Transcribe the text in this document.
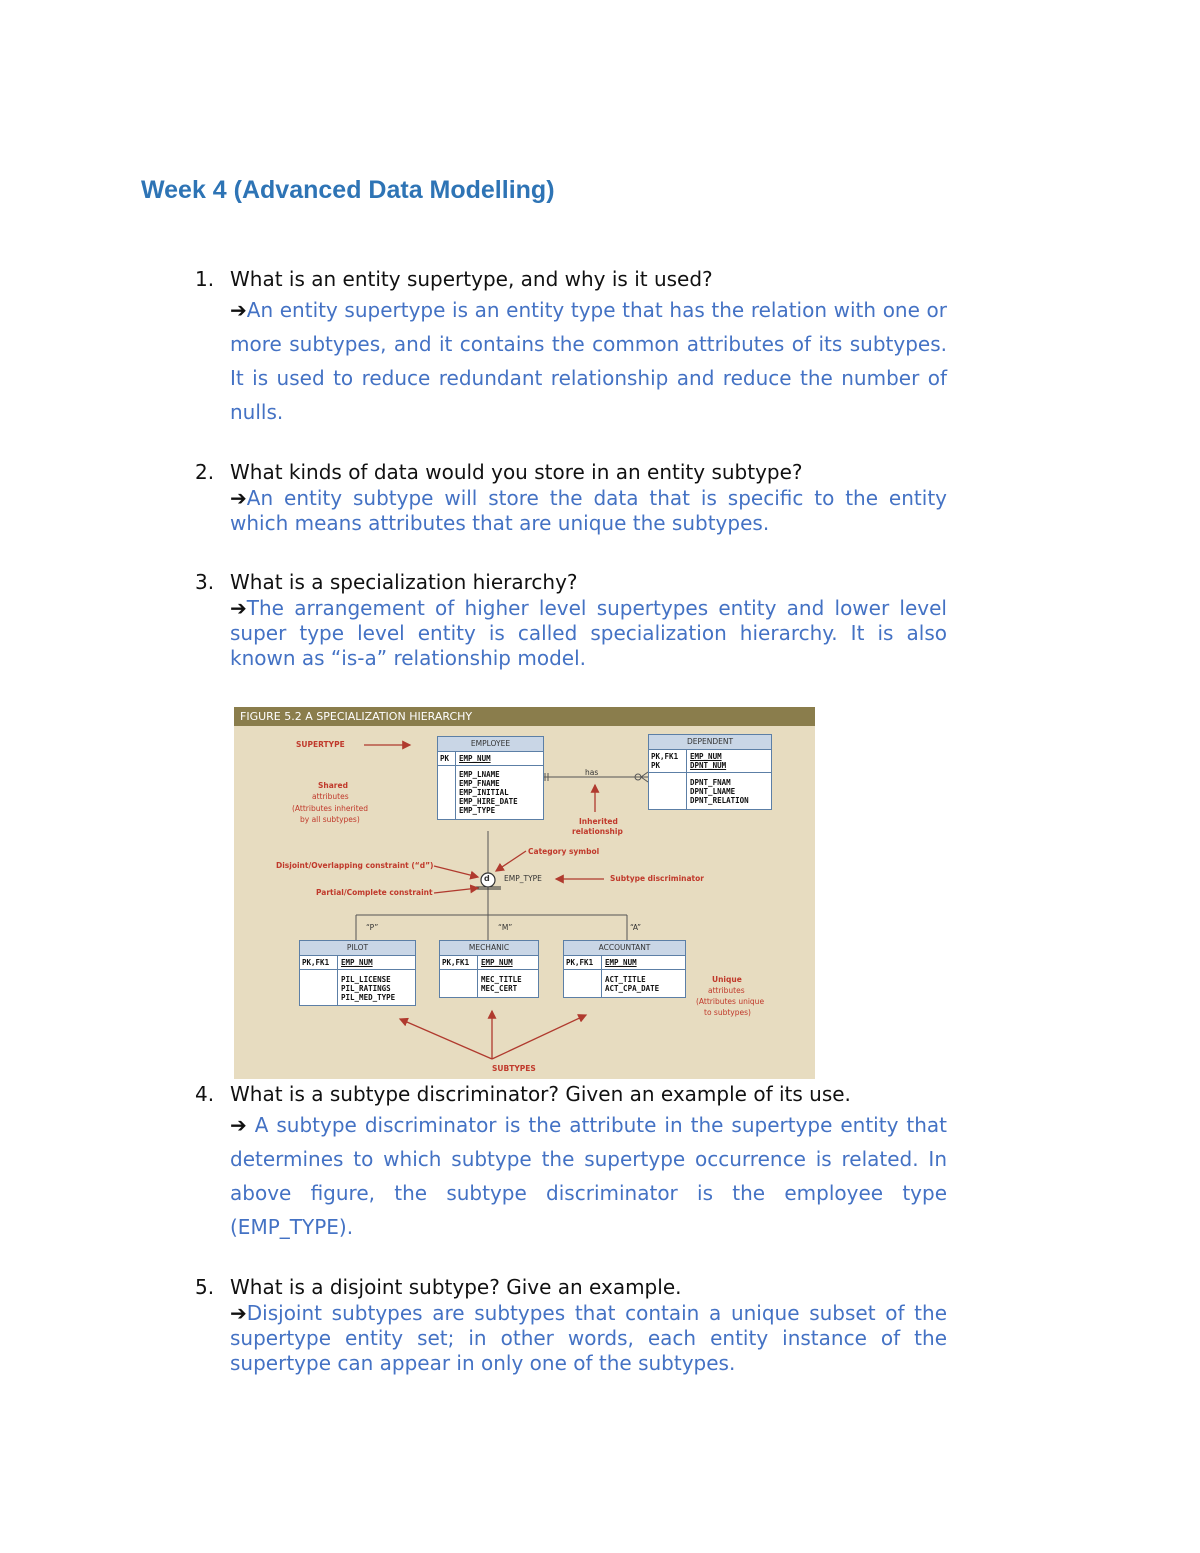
Week 4 (Advanced Data Modelling)
1. What is an entity supertype, and why is it used?
➔An entity supertype is an entity type that has the relation with one or more subtypes, and it contains the common attributes of its subtypes. It is used to reduce redundant relationship and reduce the number of nulls.
2. What kinds of data would you store in an entity subtype?
➔An entity subtype will store the data that is specific to the entity which means attributes that are unique the subtypes.
3. What is a specialization hierarchy?
➔The arrangement of higher level supertypes entity and lower level super type level entity is called specialization hierarchy. It is also known as “is-a” relationship model.
FIGURE 5.2 A SPECIALIZATION HIERARCHY
SUPERTYPE
Shared
attributes
(Attributes inherited
by all subtypes)
has
Inherited
relationship
Category symbol
Disjoint/Overlapping constraint (“d”)
Partial/Complete constraint
d EMP_TYPE	Subtype discriminator
“P”	“M”	“A”
Unique
attributes
(Attributes unique
to subtypes)
SUBTYPES
EMPLOYEE
PK	EMP_NUM
EMP_LNAME
EMP_FNAME
EMP_INITIAL
EMP_HIRE_DATE
EMP_TYPE
DEPENDENT
PK,FK1
PK
EMP_NUM
DPNT_NUM
DPNT_FNAM
DPNT_LNAME
DPNT_RELATION
PILOT
PK,FK1	EMP_NUM
PIL_LICENSE
PIL_RATINGS
PIL_MED_TYPE
MECHANIC
PK,FK1	EMP_NUM
MEC_TITLE
MEC_CERT
ACCOUNTANT
PK,FK1	EMP_NUM
ACT_TITLE
ACT_CPA_DATE
4. What is a subtype discriminator? Given an example of its use.
➔ A subtype discriminator is the attribute in the supertype entity that determines to which subtype the supertype occurrence is related. In above figure, the subtype discriminator is the employee type (EMP_TYPE).
5. What is a disjoint subtype? Give an example.
➔Disjoint subtypes are subtypes that contain a unique subset of the supertype entity set; in other words, each entity instance of the supertype can appear in only one of the subtypes.
